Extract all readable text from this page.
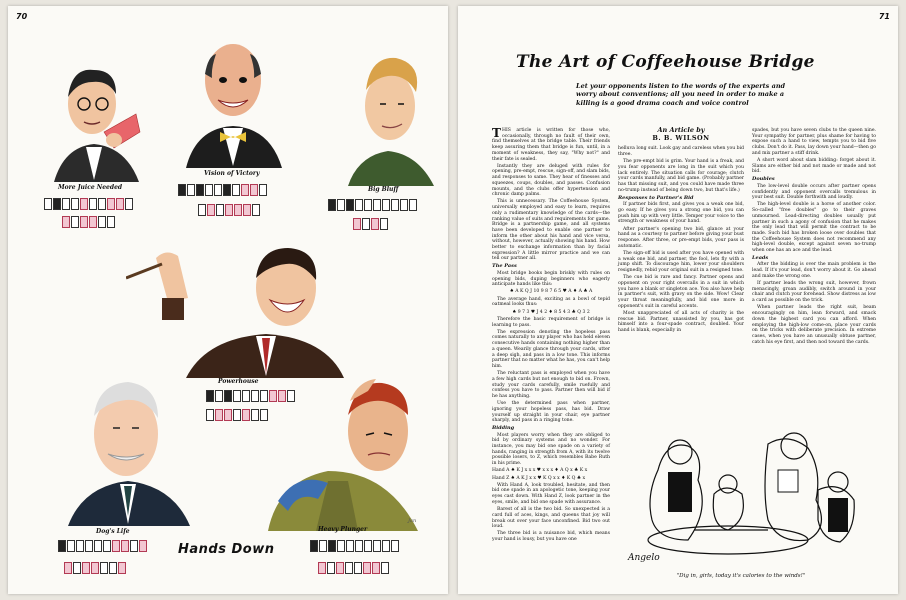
70
More Juice Needed
Vision of Victory
Big Bluff
Powerhouse
Dog's Life
Hands Down
Heavy Plunger
Jan
71
The Art of Coffeehouse Bridge
Let your opponents listen to the words of the experts and worry about conventions; all you need in order to make a killing is a good drama coach and voice control

THIS article is written for those who, occasionally, through no fault of their own, find themselves at the bridge table. Their friends keep assuring them that bridge is fun, until, in a moment of weakness, they say, "Why not?" and their fate is sealed.

Instantly they are deluged with rules for opening, pre-empt, rescue, sign-off, and slam bids, and responses to same. They hear of finesses and squeezes, coups, doubles, and passes. Confusion mounts, and the clubs offer hypertension and chronic damp palms.

This is unnecessary. The Coffeehouse System, universally employed and easy to learn, requires only a rudimentary knowledge of the cards—the ranking value of suits and requirements for game. Bridge is a partnership game, and all systems have been developed to enable one partner to inform the other about his hand and vice versa, without, however, actually showing his hand. How better to exchange information than by facial expression? A little mirror practice and we can tell our partner all.

The Pass

Most bridge books begin briskly with rules on opening bids, duping beginners who eagerly anticipate hands like this:

♠ A K Q J 10 9 8 7 6 5 ♥ A ♦ A ♣ A

The average hand, exciting as a bowl of tepid oatmeal looks thus:

♠ 9 7 3 ♥ J 4 2 ♦ 8 5 4 3 ♣ Q 3 2

Therefore the basic requirement of bridge is learning to pass.

The expression denoting the hopeless pass comes naturally to any player who has held eleven consecutive hands containing nothing higher than a queen. Wearily glance through your cards, utter a deep sigh, and pass in a low tone. This informs partner that no matter what he has, you can't help him.

The reluctant pass is employed when you have a few high cards but not enough to bid on. Frown, study your cards carefully, smile ruefully and confess you have to pass. Partner then will bid if he has anything.

Use the determined pass when partner, ignoring your hopeless pass, has bid. Draw yourself up straight in your chair, eye partner sharply, and pass in a ringing tone.

Bidding

Most players worry when they are obliged to bid by ordinary systems and no wonder. For instance, you may bid one spade on a variety of hands, ranging in strength from A, with its twelve possible losers, to Z, which resembles Babe Ruth in his prime.

Hand A ♠ K J x x x ♥ x x x ♦ A Q x ♣ K x

Hand Z ♠ A K J x x ♥ K Q x x ♦ K Q ♣ x

With Hand A, look troubled, hesitate, and then bid one spade in an apologetic tone, keeping your eyes cast down. With Hand Z, look partner in the eyes, smile, and bid one spade with assurance.

Barest of all is the two bid. So unexpected is a card full of aces, kings, and queens that joy will break out over your face unconfined. Bid two out loud.

The three bid is a nuisance bid, which means your hand is lousy, but you have one

An Article by
B. B. WILSON

helluva long suit. Look gay and careless when you bid three.

The pre-empt bid is grim. Your hand is a freak, and you fear opponents are long in the suit which you lack entirely. The situation calls for courage; clutch your cards manfully, and bid game. (Probably partner has that missing suit, and you could have made three no-trump instead of being down two, but that's life.)

Responses to Partner's Bid

If partner bids first, and gives you a weak one bid, go easy. If he gives you a strong one bid, you can push him up with very little. Temper your voice to the strength or weakness of your hand.

After partner's opening two bid, glance at your hand as a courtesy to partner before giving your bust response. After three, or pre-empt bids, your pass is automatic.

The sign-off bid is used after you have opened with a weak one bid, and partner, the fool, lets fly with a jump shift. To discourage him, lower your shoulders resignedly, rebid your original suit in a resigned tone.

The cue bid is rare and fancy. Partner opens and opponent on your right overcalls in a suit in which you have a blank or singleton ace. You also have help in partner's suit, with gravy on the side. Wow! Clear your throat meaningfully, and bid one more in opponent's suit in careful accents.

Most unappreciated of all acts of charity is the rescue bid. Partner, unassisted by you, has got himself into a four-spade contract, doubled. Your hand is blank, especially in

spades, but you have seven clubs to the queen nine. Your sympathy for partner, plus shame for having to expose such a hand to view, tempts you to bid five clubs. Don't do it. Pass, lay down your hand—then go and mix partner a stiff drink.

A short word about slam bidding: forget about it. Slams are either bid and not made or made and not bid.

Doubles

The low-level double occurs after partner opens confidently and opponent overcalls tremulous in your best suit. Double forthwith and loudly.

The high-level double is a horse of another color. So-called "free doubles" go to their graves unmourned. Lead-directing doubles usually put partner in such a agony of confusion that he makes the only lead that will permit the contract to be made. Such bid has broken loose over doubles that the Coffeehouse System does not recommend any high-level double, except against seven no-trump when one has an ace and the lead.

Leads

After the bidding is over the main problem is the lead. If it's your lead, don't worry about it. Go ahead and make the wrong one.

If partner leads the wrong suit, however, frown menacingly, groan audibly, switch around in your chair and clutch your forehead. Show distress as low a card as possible on the trick.

When partner leads the right suit, beam encouragingly on him, lean forward, and smack down the highest card you can afford. When employing the high-low come-on, place your cards on the tricks with deliberate precision. In extreme cases, when you have an unusually obtuse partner, catch his eye first, and then nod toward the cards.

Angelo
"Dig in, girls, today it's calories to the winds!"
